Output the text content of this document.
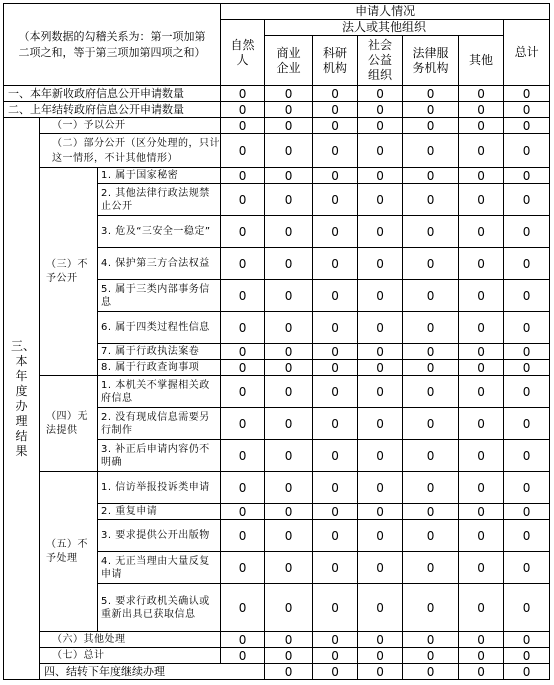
（本列数据的勾稽关系为：第一项加第二项之和，等于第三项加第四项之和）			申请人情况							
			自然人	法人或其他组织					总计	
				商业企业	科研机构	社会公益组织	法律服务机构	其他		
一、本年新收政府信息公开申请数量			0	0	0	0	0	0	0	
二、上年结转政府信息公开申请数量			0	0	0	0	0	0	0	
三、本年度办理结果	（一）予以公开		0	0	0	0	0	0	0	
	（二）部分公开（区分处理的，只计这一情形，不计其他情形）		0	0	0	0	0	0	0	
	（三）不予公开	1. 属于国家秘密	0	0	0	0	0	0	0	
		2. 其他法律行政法规禁止公开	0	0	0	0	0	0	0	
		3. 危及“三安全一稳定”	0	0	0	0	0	0	0	
		4. 保护第三方合法权益	0	0	0	0	0	0	0	
		5. 属于三类内部事务信息	0	0	0	0	0	0	0	
		6. 属于四类过程性信息	0	0	0	0	0	0	0	
		7. 属于行政执法案卷	0	0	0	0	0	0	0	
		8. 属于行政查询事项	0	0	0	0	0	0	0	
	（四）无法提供	1. 本机关不掌握相关政府信息	0	0	0	0	0	0	0	
		2. 没有现成信息需要另行制作	0	0	0	0	0	0	0	
		3. 补正后申请内容仍不明确	0	0	0	0	0	0	0	
	（五）不予处理	1. 信访举报投诉类申请	0	0	0	0	0	0	0	
		2. 重复申请	0	0	0	0	0	0	0	
		3. 要求提供公开出版物	0	0	0	0	0	0	0	
		4. 无正当理由大量反复申请	0	0	0	0	0	0	0	
		5. 要求行政机关确认或重新出具已获取信息	0	0	0	0	0	0	0	
	（六）其他处理		0	0	0	0	0	0	0	
	（七）总计		0	0	0	0	0	0	0	
	四、结转下年度继续办理			0	0	0	0	0	0	
